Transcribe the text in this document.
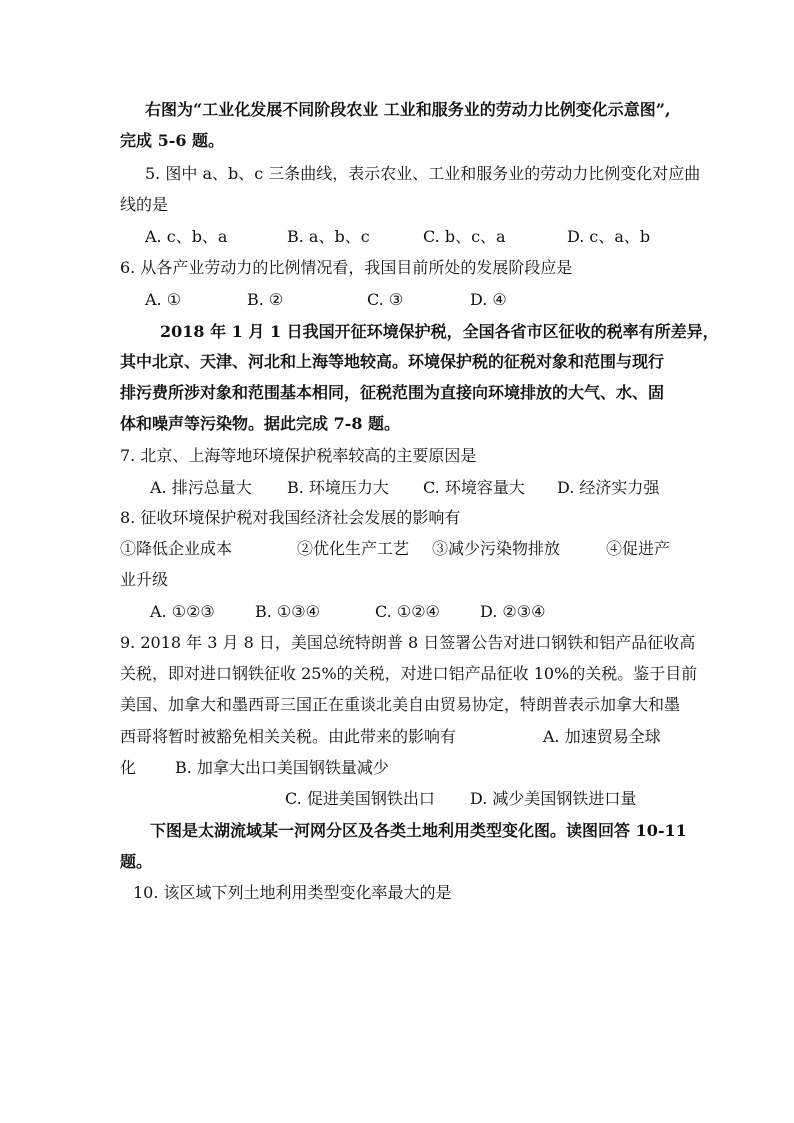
右图为“工业化发展不同阶段农业 工业和服务业的劳动力比例变化示意图”,
完成 5-6 题。
5. 图中 a、b、c 三条曲线，表示农业、工业和服务业的劳动力比例变化对应曲
线的是
A. c、b、a	B. a、b、c	C. b、c、a	D. c、a、b
6. 从各产业劳动力的比例情况看，我国目前所处的发展阶段应是
A. ①	B. ②	C. ③	D. ④
2018 年 1 月 1 日我国开征环境保护税，全国各省市区征收的税率有所差异，
其中北京、天津、河北和上海等地较高。环境保护税的征税对象和范围与现行
排污费所涉对象和范围基本相同，征税范围为直接向环境排放的大气、水、固
体和噪声等污染物。据此完成 7-8 题。
7. 北京、上海等地环境保护税率较高的主要原因是
A. 排污总量大 B. 环境压力大 C. 环境容量大 D. 经济实力强
8. 征收环境保护税对我国经济社会发展的影响有
①降低企业成本	②优化生产工艺 ③减少污染物排放	④促进产
业升级
A. ①②③	B. ①③④	C. ①②④	D. ②③④
9. 2018 年 3 月 8 日，美国总统特朗普 8 日签署公告对进口钢铁和铝产品征收高
关税，即对进口钢铁征收 25%的关税，对进口铝产品征收 10%的关税。鉴于目前
美国、加拿大和墨西哥三国正在重谈北美自由贸易协定，特朗普表示加拿大和墨
西哥将暂时被豁免相关关税。由此带来的影响有	A. 加速贸易全球
化 B. 加拿大出口美国钢铁量减少
C. 促进美国钢铁出口 D. 减少美国钢铁进口量
下图是太湖流域某一河网分区及各类土地利用类型变化图。读图回答 10-11
题。
10. 该区域下列土地利用类型变化率最大的是
